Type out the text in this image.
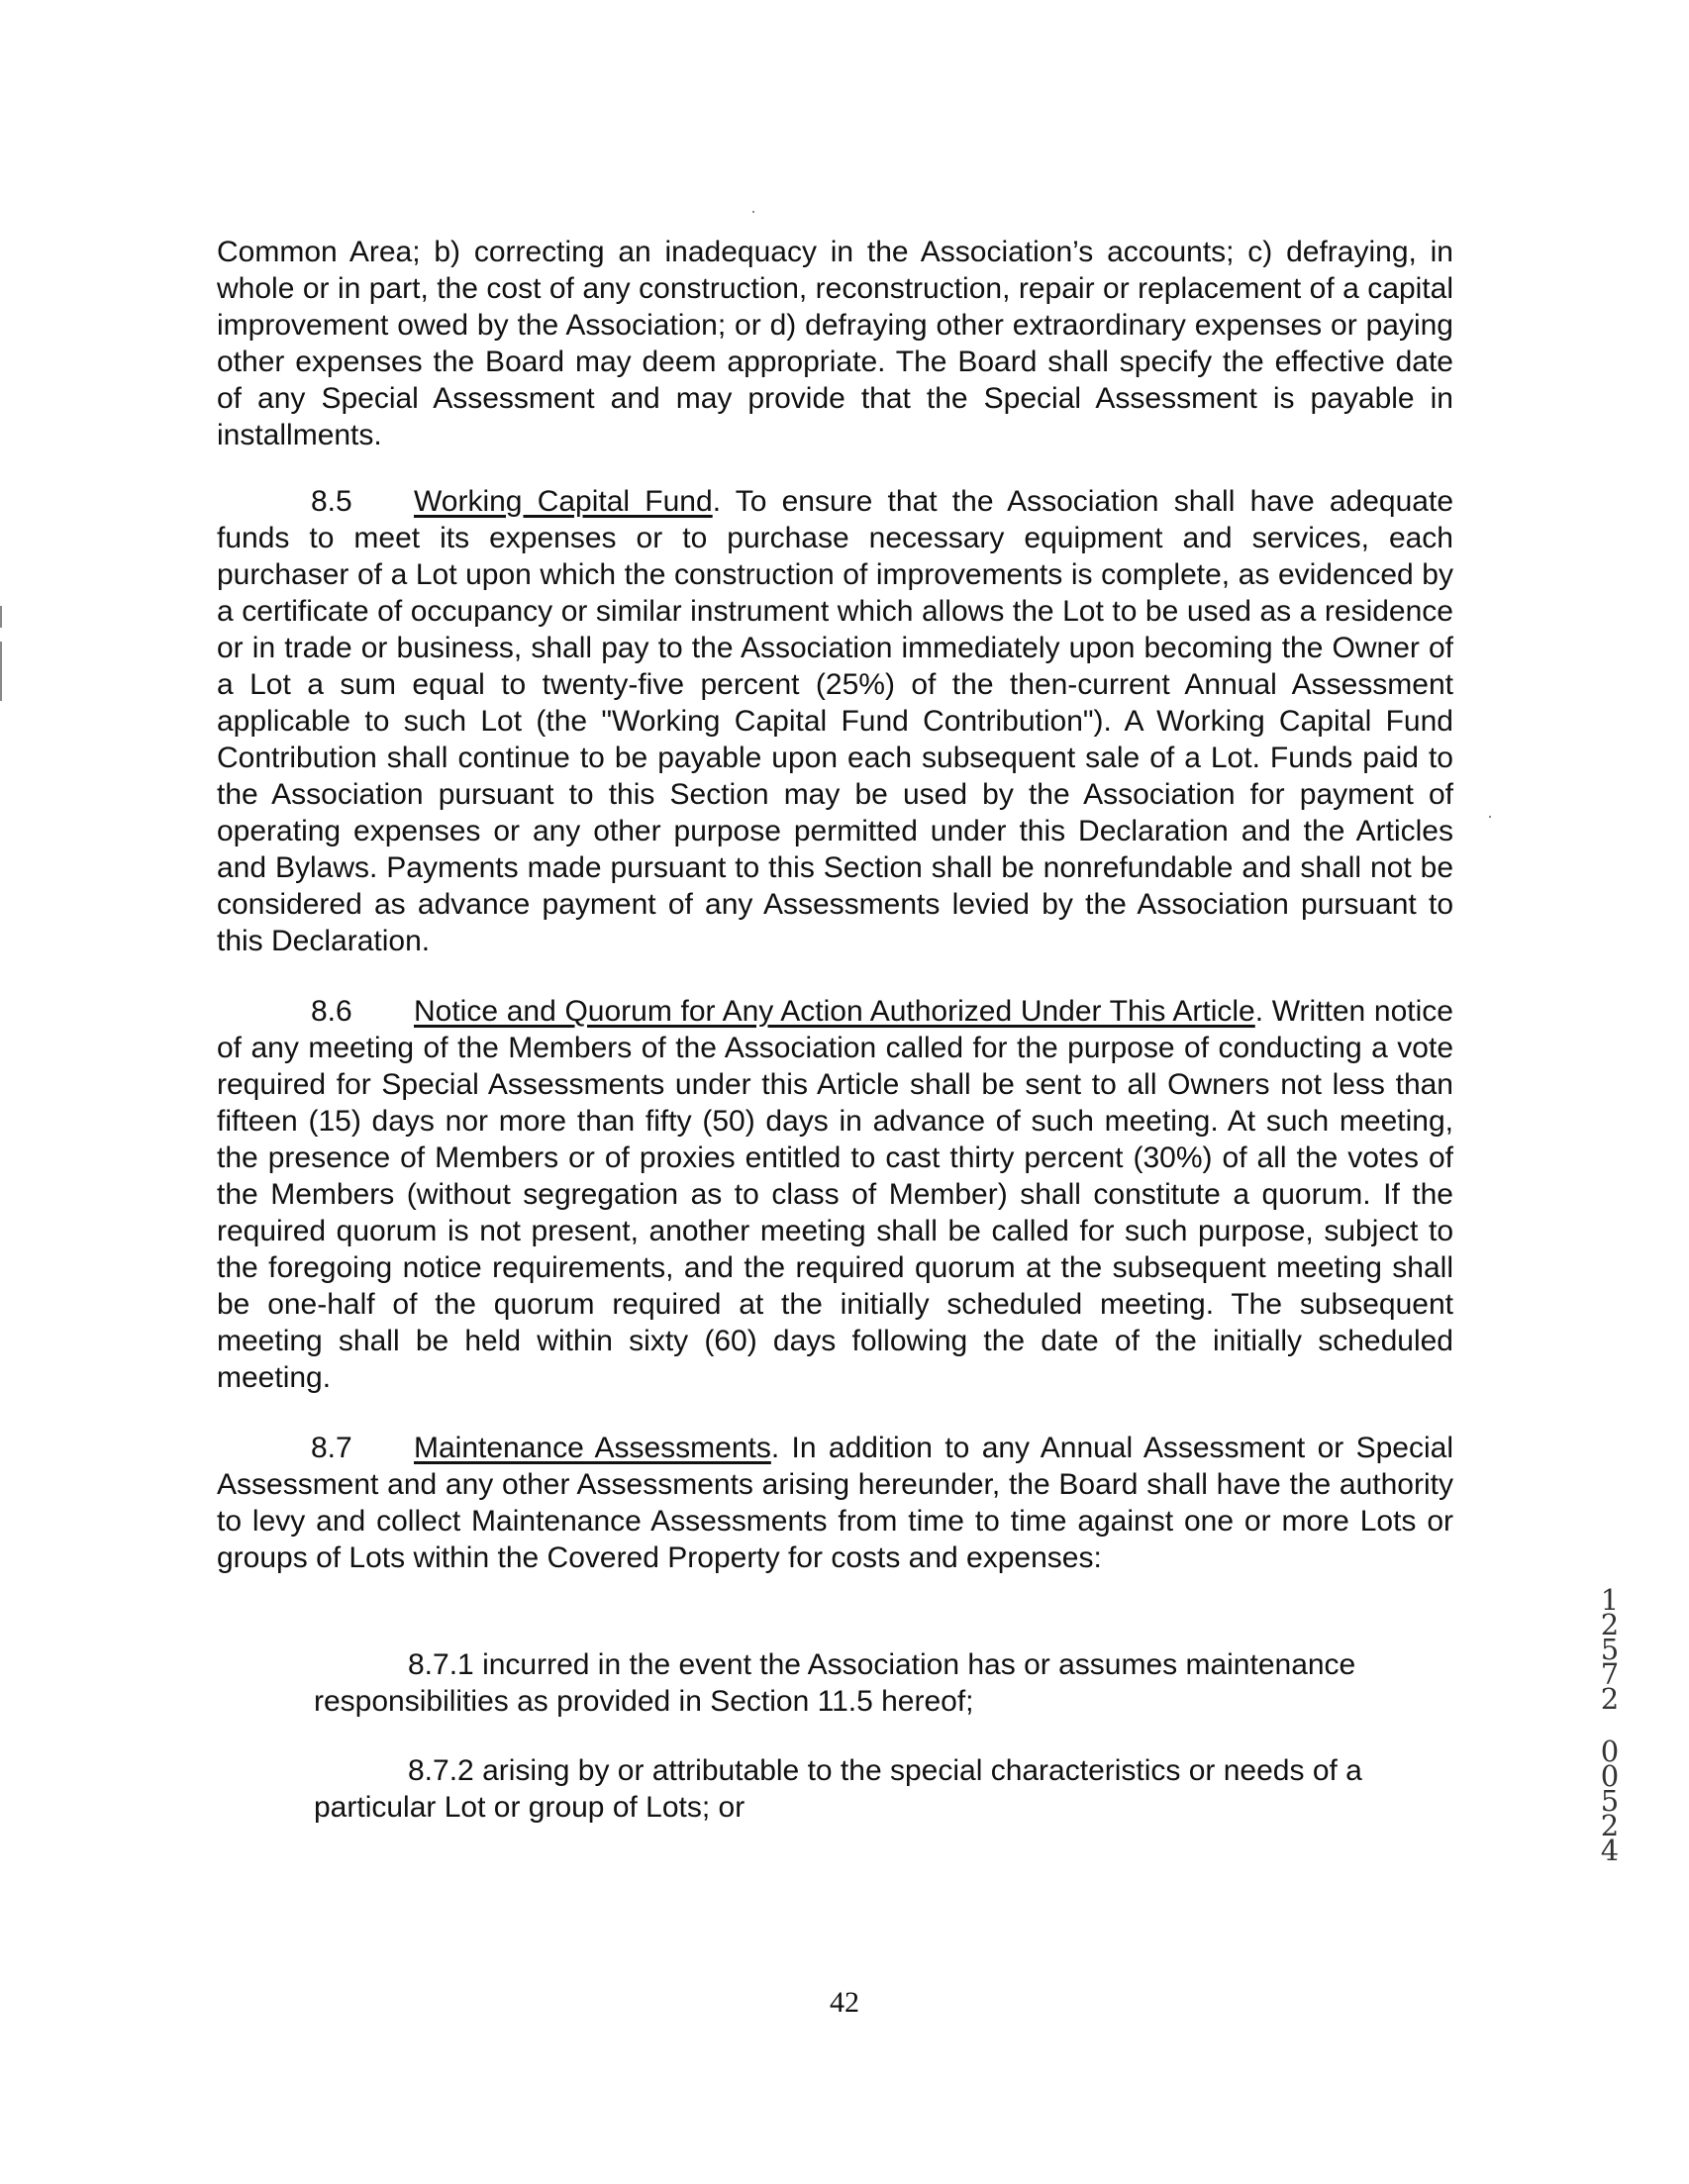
Common Area; b) correcting an inadequacy in the Association’s accounts; c) defraying, in whole or in part, the cost of any construction, reconstruction, repair or replacement of a capital improvement owed by the Association; or d) defraying other extraordinary expenses or paying other expenses the Board may deem appropriate. The Board shall specify the effective date of any Special Assessment and may provide that the Special Assessment is payable in installments.

8.5 Working Capital Fund. To ensure that the Association shall have adequate funds to meet its expenses or to purchase necessary equipment and services, each purchaser of a Lot upon which the construction of improvements is complete, as evidenced by a certificate of occupancy or similar instrument which allows the Lot to be used as a residence or in trade or business, shall pay to the Association immediately upon becoming the Owner of a Lot a sum equal to twenty-five percent (25%) of the then-current Annual Assessment applicable to such Lot (the "Working Capital Fund Contribution"). A Working Capital Fund Contribution shall continue to be payable upon each subsequent sale of a Lot. Funds paid to the Association pursuant to this Section may be used by the Association for payment of operating expenses or any other purpose permitted under this Declaration and the Articles and Bylaws. Payments made pursuant to this Section shall be nonrefundable and shall not be considered as advance payment of any Assessments levied by the Association pursuant to this Declaration.

8.6 Notice and Quorum for Any Action Authorized Under This Article. Written notice of any meeting of the Members of the Association called for the purpose of conducting a vote required for Special Assessments under this Article shall be sent to all Owners not less than fifteen (15) days nor more than fifty (50) days in advance of such meeting. At such meeting, the presence of Members or of proxies entitled to cast thirty percent (30%) of all the votes of the Members (without segregation as to class of Member) shall constitute a quorum. If the required quorum is not present, another meeting shall be called for such purpose, subject to the foregoing notice requirements, and the required quorum at the subsequent meeting shall be one-half of the quorum required at the initially scheduled meeting. The subsequent meeting shall be held within sixty (60) days following the date of the initially scheduled meeting.

8.7 Maintenance Assessments. In addition to any Annual Assessment or Special Assessment and any other Assessments arising hereunder, the Board shall have the authority to levy and collect Maintenance Assessments from time to time against one or more Lots or groups of Lots within the Covered Property for costs and expenses:

8.7.1 incurred in the event the Association has or assumes maintenance responsibilities as provided in Section 11.5 hereof;

8.7.2 arising by or attributable to the special characteristics or needs of a particular Lot or group of Lots; or

42
1
2
5
7
2
0
0
5
2
4
